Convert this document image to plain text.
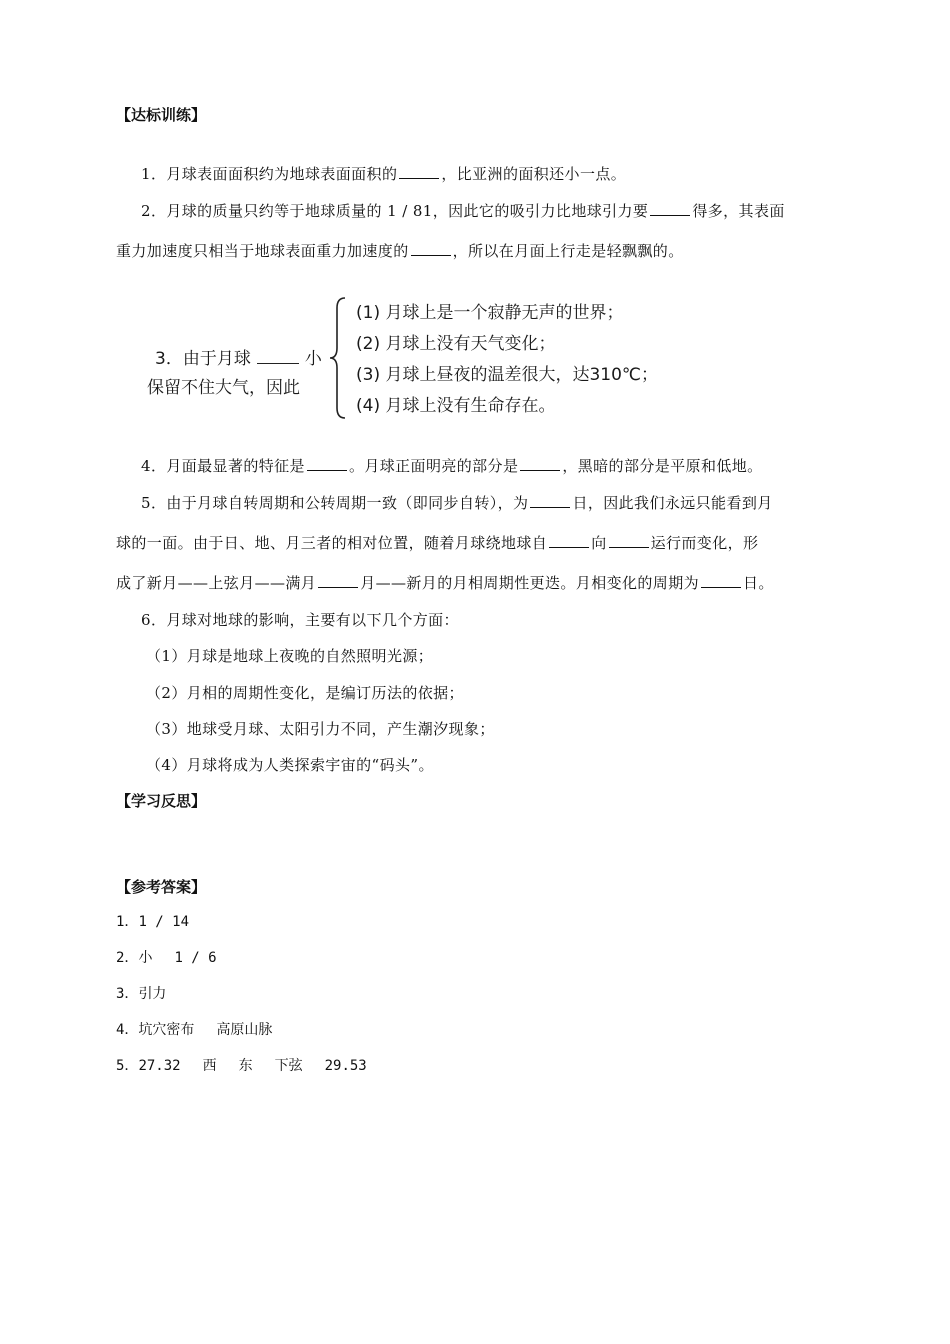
【达标训练】
1．月球表面面积约为地球表面面积的	，比亚洲的面积还小一点。
2．月球的质量只约等于地球质量的 1 / 81，因此它的吸引力比地球引力要	得多，其表面
重力加速度只相当于地球表面重力加速度的	，所以在月面上行走是轻飘飘的。
3．由于月球	小
保留不住大气，因此
(1) 月球上是一个寂静无声的世界；
(2) 月球上没有天气变化；
(3) 月球上昼夜的温差很大，达310℃；
(4) 月球上没有生命存在。
4．月面最显著的特征是	。月球正面明亮的部分是	，黑暗的部分是平原和低地。
5．由于月球自转周期和公转周期一致（即同步自转），为	日，因此我们永远只能看到月
球的一面。由于日、地、月三者的相对位置，随着月球绕地球自	向	运行而变化，形
成了新月——上弦月——满月	月——新月的月相周期性更迭。月相变化的周期为	日。
6．月球对地球的影响，主要有以下几个方面：
（1）月球是地球上夜晚的自然照明光源；
（2）月相的周期性变化，是编订历法的依据；
（3）地球受月球、太阳引力不同，产生潮汐现象；
（4）月球将成为人类探索宇宙的“码头”。
【学习反思】
【参考答案】
1．1 / 14
2．小 1 / 6
3．引力
4．坑穴密布 高原山脉
5．27.32 西 东 下弦 29.53
